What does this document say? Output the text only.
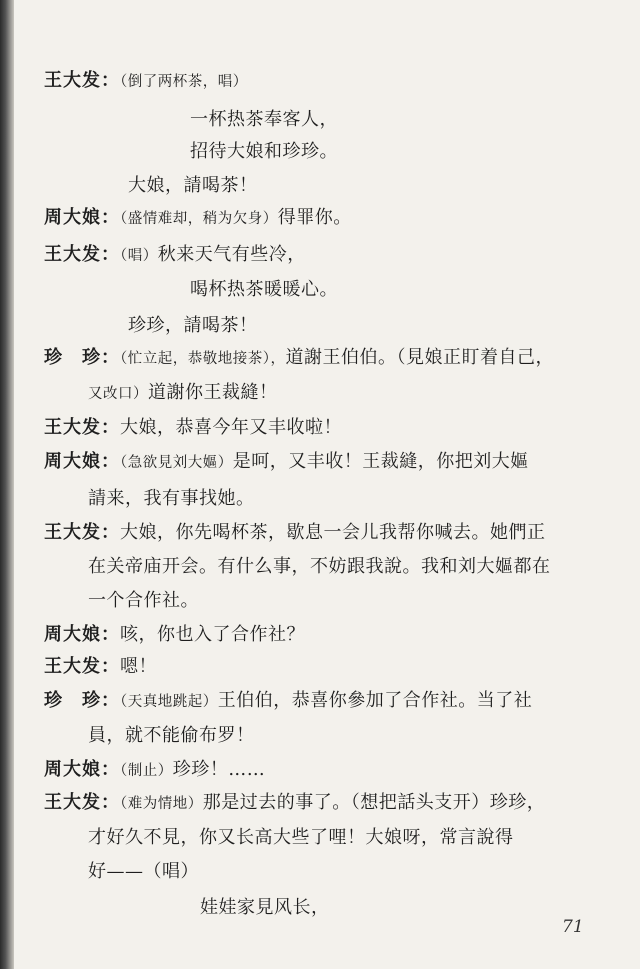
王大发：（倒了两杯茶，唱）
一杯热茶奉客人，
招待大娘和珍珍。
大娘，請喝茶！
周大娘：（盛情难却，稍为欠身）得罪你。
王大发：（唱）秋来天气有些冷，
喝杯热茶暖暖心。
珍珍，請喝茶！
珍　珍：（忙立起，恭敬地接茶），道謝王伯伯。（見娘正盯着自己，
又改口）道謝你王裁縫！
王大发：大娘，恭喜今年又丰收啦！
周大娘：（急欲見刘大嫗）是呵，又丰收！王裁縫，你把刘大嫗
請来，我有事找她。
王大发：大娘，你先喝杯茶，歇息一会儿我帮你喊去。她們正
在关帝庙开会。有什么事，不妨跟我說。我和刘大嫗都在
一个合作社。
周大娘：咳，你也入了合作社？
王大发：嗯！
珍　珍：（天真地跳起）王伯伯，恭喜你參加了合作社。当了社
員，就不能偷布罗！
周大娘：（制止）珍珍！……
王大发：（难为情地）那是过去的事了。（想把話头支开）珍珍，
才好久不見，你又长高大些了哩！大娘呀，常言說得
好——（唱）
娃娃家見风长，
71
